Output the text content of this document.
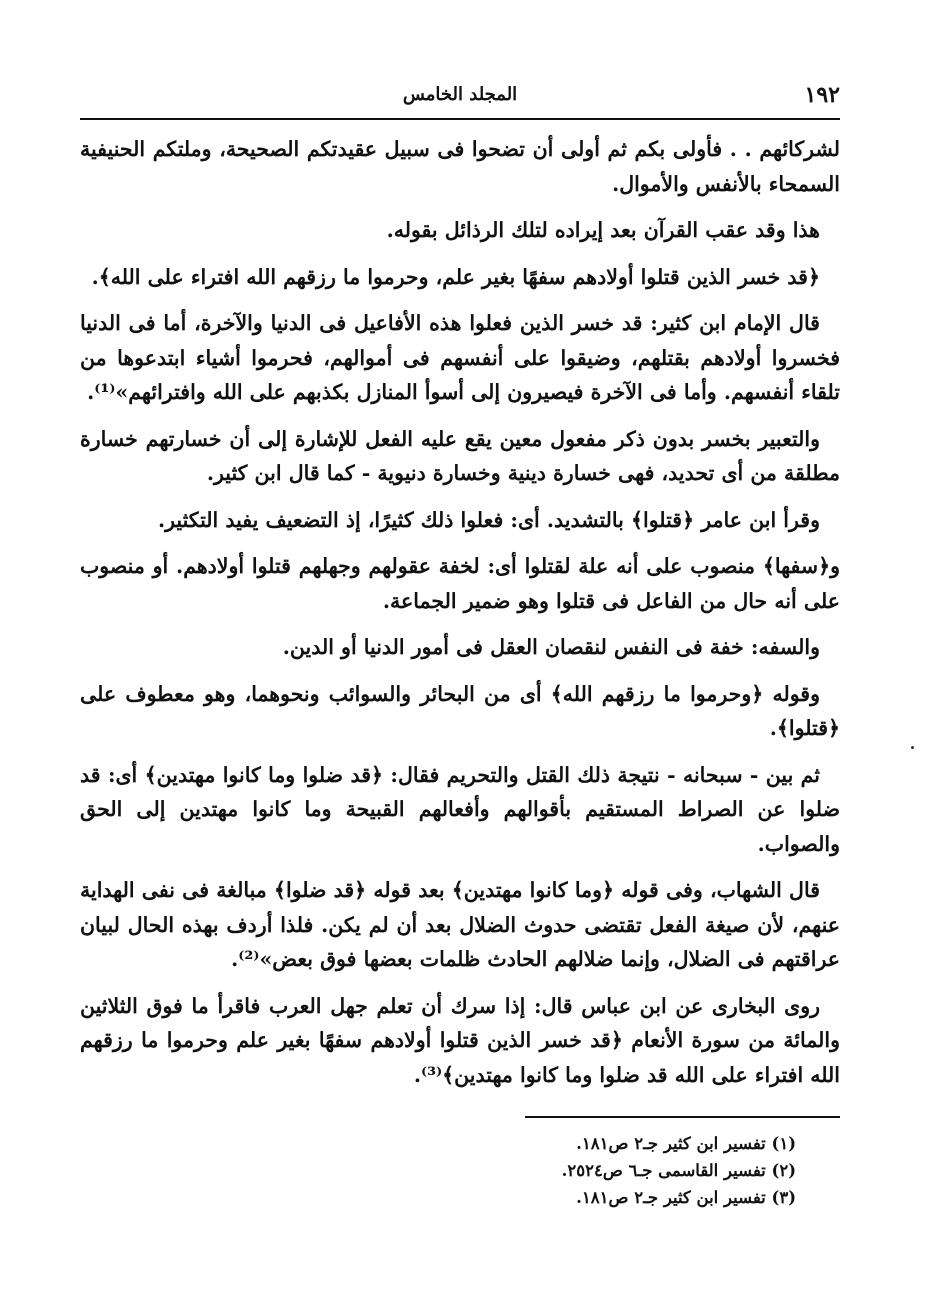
١٩٢
المجلد الخامس

لشركائهم . . فأولى بكم ثم أولى أن تضحوا فى سبيل عقيدتكم الصحيحة، وملتكم الحنيفية السمحاء بالأنفس والأموال.

هذا وقد عقب القرآن بعد إيراده لتلك الرذائل بقوله.

﴿قد خسر الذين قتلوا أولادهم سفهًا بغير علم، وحرموا ما رزقهم الله افتراء على الله﴾.

قال الإمام ابن كثير: قد خسر الذين فعلوا هذه الأفاعيل فى الدنيا والآخرة، أما فى الدنيا فخسروا أولادهم بقتلهم، وضيقوا على أنفسهم فى أموالهم، فحرموا أشياء ابتدعوها من تلقاء أنفسهم. وأما فى الآخرة فيصيرون إلى أسوأ المنازل بكذبهم على الله وافترائهم»⁽¹⁾.

والتعبير بخسر بدون ذكر مفعول معين يقع عليه الفعل للإشارة إلى أن خسارتهم خسارة مطلقة من أى تحديد، فهى خسارة دينية وخسارة دنيوية - كما قال ابن كثير.

وقرأ ابن عامر ﴿قتلوا﴾ بالتشديد. أى: فعلوا ذلك كثيرًا، إذ التضعيف يفيد التكثير.

و﴿سفها﴾ منصوب على أنه علة لقتلوا أى: لخفة عقولهم وجهلهم قتلوا أولادهم. أو منصوب على أنه حال من الفاعل فى قتلوا وهو ضمير الجماعة.

والسفه: خفة فى النفس لنقصان العقل فى أمور الدنيا أو الدين.

وقوله ﴿وحرموا ما رزقهم الله﴾ أى من البحائر والسوائب ونحوهما، وهو معطوف على ﴿قتلوا﴾.

ثم بين - سبحانه - نتيجة ذلك القتل والتحريم فقال: ﴿قد ضلوا وما كانوا مهتدين﴾ أى: قد ضلوا عن الصراط المستقيم بأقوالهم وأفعالهم القبيحة وما كانوا مهتدين إلى الحق والصواب.

قال الشهاب، وفى قوله ﴿وما كانوا مهتدين﴾ بعد قوله ﴿قد ضلوا﴾ مبالغة فى نفى الهداية عنهم، لأن صيغة الفعل تقتضى حدوث الضلال بعد أن لم يكن. فلذا أردف بهذه الحال لبيان عراقتهم فى الضلال، وإنما ضلالهم الحادث ظلمات بعضها فوق بعض»⁽²⁾.

روى البخارى عن ابن عباس قال: إذا سرك أن تعلم جهل العرب فاقرأ ما فوق الثلاثين والمائة من سورة الأنعام ﴿قد خسر الذين قتلوا أولادهم سفهًا بغير علم وحرموا ما رزقهم الله افتراء على الله قد ضلوا وما كانوا مهتدين﴾⁽³⁾.

(١) تفسير ابن كثير جـ٢ ص١٨١.

(٢) تفسير القاسمى جـ٦ ص٢٥٢٤.

(٣) تفسير ابن كثير جـ٢ ص١٨١.
